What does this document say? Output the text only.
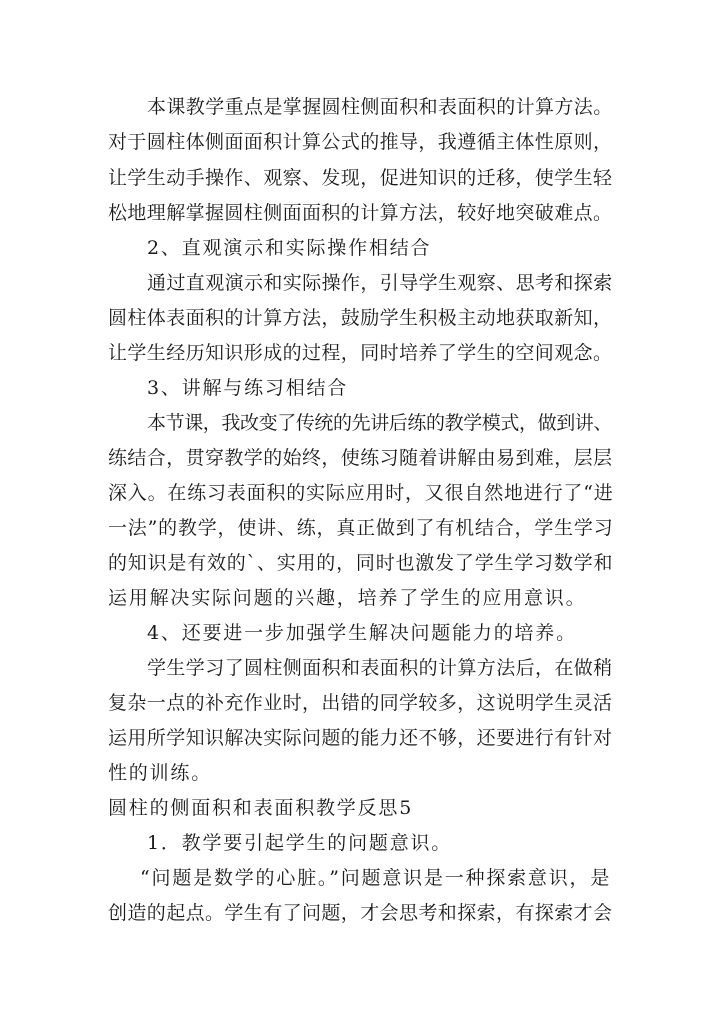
本课教学重点是掌握圆柱侧面积和表面积的计算方法。
对于圆柱体侧面面积计算公式的推导，我遵循主体性原则，
让学生动手操作、观察、发现，促进知识的迁移，使学生轻
松地理解掌握圆柱侧面面积的计算方法，较好地突破难点。
2、直观演示和实际操作相结合
通过直观演示和实际操作，引导学生观察、思考和探索
圆柱体表面积的计算方法，鼓励学生积极主动地获取新知，
让学生经历知识形成的过程，同时培养了学生的空间观念。
3、讲解与练习相结合
本节课，我改变了传统的先讲后练的教学模式，做到讲、
练结合，贯穿教学的始终，使练习随着讲解由易到难，层层
深入。在练习表面积的实际应用时，又很自然地进行了“进
一法”的教学，使讲、练，真正做到了有机结合，学生学习
的知识是有效的`、实用的，同时也激发了学生学习数学和
运用解决实际问题的兴趣，培养了学生的应用意识。
4、还要进一步加强学生解决问题能力的培养。
学生学习了圆柱侧面积和表面积的计算方法后，在做稍
复杂一点的补充作业时，出错的同学较多，这说明学生灵活
运用所学知识解决实际问题的能力还不够，还要进行有针对
性的训练。
圆柱的侧面积和表面积教学反思5
1．教学要引起学生的问题意识。
“问题是数学的心脏。”问题意识是一种探索意识，是
创造的起点。学生有了问题，才会思考和探索，有探索才会
